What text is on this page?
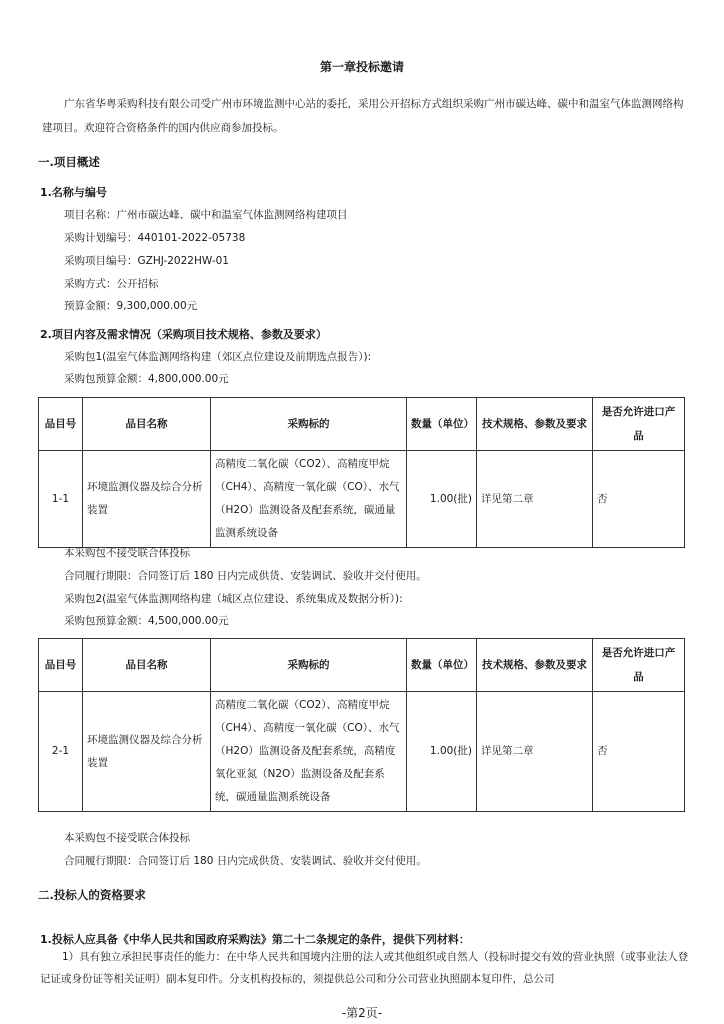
第一章投标邀请
广东省华粤采购科技有限公司受广州市环境监测中心站的委托，采用公开招标方式组织采购广州市碳达峰、碳中和温室气体监测网络构建项目。欢迎符合资格条件的国内供应商参加投标。
一.项目概述
1.名称与编号
项目名称：广州市碳达峰、碳中和温室气体监测网络构建项目
采购计划编号：440101-2022-05738
采购项目编号：GZHJ-2022HW-01
采购方式：公开招标
预算金额：9,300,000.00元
2.项目内容及需求情况（采购项目技术规格、参数及要求）
采购包1(温室气体监测网络构建（郊区点位建设及前期选点报告）):
采购包预算金额：4,800,000.00元
品目号	品目名称	采购标的	数量（单位）	技术规格、参数及要求	是否允许进口产品
1-1	环境监测仪器及综合分析装置	高精度二氧化碳（CO2）、高精度甲烷（CH4）、高精度一氧化碳（CO）、水气（H2O）监测设备及配套系统，碳通量监测系统设备	1.00(批)	详见第二章	否
本采购包不接受联合体投标
合同履行期限：合同签订后 180 日内完成供货、安装调试、验收并交付使用。
采购包2(温室气体监测网络构建（城区点位建设、系统集成及数据分析）):
采购包预算金额：4,500,000.00元
品目号	品目名称	采购标的	数量（单位）	技术规格、参数及要求	是否允许进口产品
2-1	环境监测仪器及综合分析装置	高精度二氧化碳（CO2）、高精度甲烷（CH4）、高精度一氧化碳（CO）、水气（H2O）监测设备及配套系统，高精度氧化亚氮（N2O）监测设备及配套系统，碳通量监测系统设备	1.00(批)	详见第二章	否
本采购包不接受联合体投标
合同履行期限：合同签订后 180 日内完成供货、安装调试、验收并交付使用。
二.投标人的资格要求
1.投标人应具备《中华人民共和国政府采购法》第二十二条规定的条件，提供下列材料：
1）具有独立承担民事责任的能力：在中华人民共和国境内注册的法人或其他组织或自然人（投标时提交有效的营业执照（或事业法人登记证或身份证等相关证明）副本复印件。分支机构投标的，须提供总公司和分公司营业执照副本复印件，总公司
-第2页-
